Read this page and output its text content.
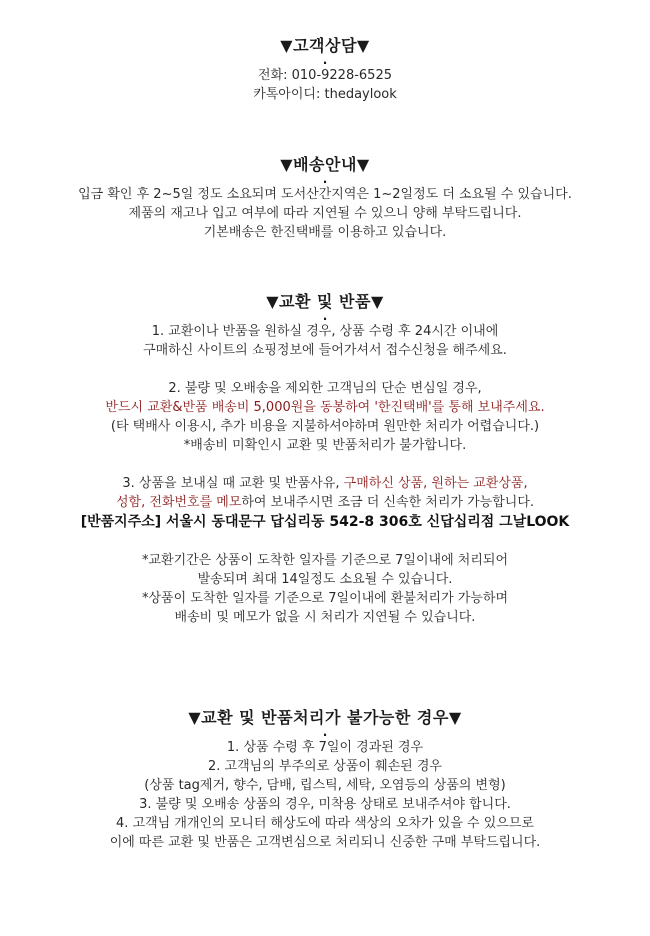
▼고객상담▼
.
전화: 010-9228-6525
카톡아이디: thedaylook
▼배송안내▼
.
입금 확인 후 2~5일 정도 소요되며 도서산간지역은 1~2일정도 더 소요될 수 있습니다.
제품의 재고나 입고 여부에 따라 지연될 수 있으니 양해 부탁드립니다.
기본배송은 한진택배를 이용하고 있습니다.
▼교환 및 반품▼
.
1. 교환이나 반품을 원하실 경우, 상품 수령 후 24시간 이내에
구매하신 사이트의 쇼핑정보에 들어가셔서 접수신청을 해주세요.
2. 불량 및 오배송을 제외한 고객님의 단순 변심일 경우,
반드시 교환&반품 배송비 5,000원을 동봉하여 '한진택배'를 통해 보내주세요.
(타 택배사 이용시, 추가 비용을 지불하셔야하며 원만한 처리가 어렵습니다.)
*배송비 미확인시 교환 및 반품처리가 불가합니다.
3. 상품을 보내실 때 교환 및 반품사유, 구매하신 상품, 원하는 교환상품,
성함, 전화번호를 메모하여 보내주시면 조금 더 신속한 처리가 가능합니다.
[반품지주소] 서울시 동대문구 답십리동 542-8 306호 신답십리점 그날LOOK
*교환기간은 상품이 도착한 일자를 기준으로 7일이내에 처리되어
발송되며 최대 14일정도 소요될 수 있습니다.
*상품이 도착한 일자를 기준으로 7일이내에 환불처리가 가능하며
배송비 및 메모가 없을 시 처리가 지연될 수 있습니다.
▼교환 및 반품처리가 불가능한 경우▼
.
1. 상품 수령 후 7일이 경과된 경우
2. 고객님의 부주의로 상품이 훼손된 경우
(상품 tag제거, 향수, 담배, 립스틱, 세탁, 오염등의 상품의 변형)
3. 불량 및 오배송 상품의 경우, 미착용 상태로 보내주셔야 합니다.
4. 고객님 개개인의 모니터 해상도에 따라 색상의 오차가 있을 수 있으므로
이에 따른 교환 및 반품은 고객변심으로 처리되니 신중한 구매 부탁드립니다.
